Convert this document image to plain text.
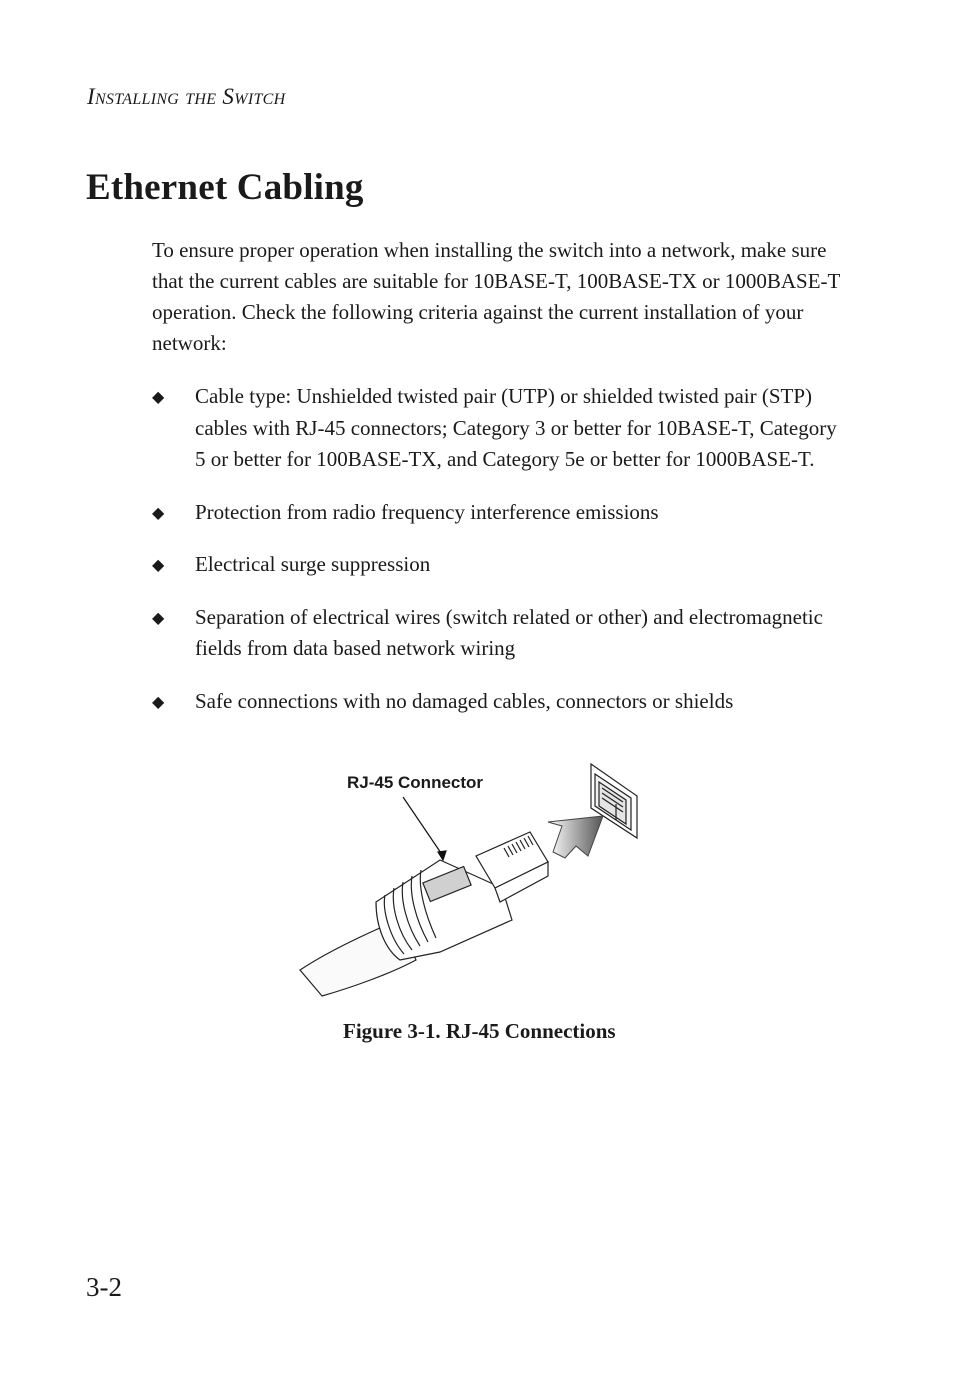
Installing the Switch
Ethernet Cabling

To ensure proper operation when installing the switch into a network, make sure that the current cables are suitable for 10BASE-T, 100BASE-TX or 1000BASE-T operation. Check the following criteria against the current installation of your network:

◆ Cable type: Unshielded twisted pair (UTP) or shielded twisted pair (STP) cables with RJ-45 connectors; Category 3 or better for 10BASE-T, Category 5 or better for 100BASE-TX, and Category 5e or better for 1000BASE-T.
◆ Protection from radio frequency interference emissions
◆ Electrical surge suppression
◆ Separation of electrical wires (switch related or other) and electromagnetic fields from data based network wiring
◆ Safe connections with no damaged cables, connectors or shields
RJ-45 Connector
Figure 3-1. RJ-45 Connections
3-2
